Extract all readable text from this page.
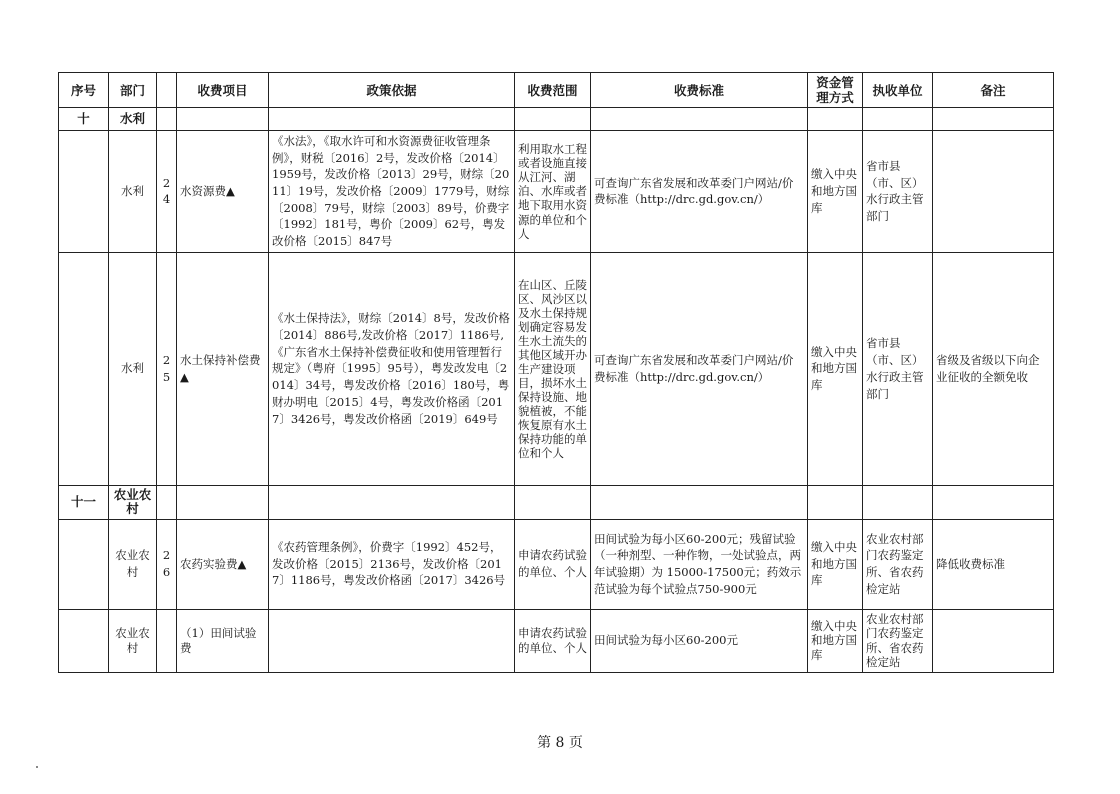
序号	部门		收费项目	政策依据	收费范围	收费标准	资金管理方式	执收单位	备注
十	水利								
	水利	24	水资源费▲	《水法》，《取水许可和水资源费征收管理条例》，财税〔2016〕2号，发改价格〔2014〕1959号，发改价格〔2013〕29号，财综〔2011〕19号，发改价格〔2009〕1779号，财综〔2008〕79号，财综〔2003〕89号，价费字〔1992〕181号，粤价〔2009〕62号，粤发改价格〔2015〕847号	利用取水工程或者设施直接从江河、湖泊、水库或者地下取用水资源的单位和个人	可查询广东省发展和改革委门户网站/价费标准（http://drc.gd.gov.cn/）	缴入中央和地方国库	省市县（市、区）水行政主管部门	
	水利	25	水土保持补偿费▲	《水土保持法》，财综〔2014〕8号，发改价格〔2014〕886号,发改价格〔2017〕1186号,《广东省水土保持补偿费征收和使用管理暂行规定》（粤府〔1995〕95号），粤发改发电〔2014〕34号，粤发改价格〔2016〕180号，粤财办明电〔2015〕4号，粤发改价格函〔2017〕3426号，粤发改价格函〔2019〕649号	在山区、丘陵区、风沙区以及水土保持规划确定容易发生水土流失的其他区域开办生产建设项目，损坏水土保持设施、地貌植被，不能恢复原有水土保持功能的单位和个人	可查询广东省发展和改革委门户网站/价费标准（http://drc.gd.gov.cn/）	缴入中央和地方国库	省市县（市、区）水行政主管部门	省级及省级以下向企业征收的全额免收
十一	农业农村								
	农业农村	26	农药实验费▲	《农药管理条例》，价费字〔1992〕452号，发改价格〔2015〕2136号，发改价格〔2017〕1186号，粤发改价格函〔2017〕3426号	申请农药试验的单位、个人	田间试验为每小区60-200元；残留试验（一种剂型、一种作物，一处试验点，两年试验期）为 15000-17500元；药效示范试验为每个试验点750-900元	缴入中央和地方国库	农业农村部门农药鉴定所、省农药检定站	降低收费标准
	农业农村		（1）田间试验费		申请农药试验的单位、个人	田间试验为每小区60-200元	缴入中央和地方国库	农业农村部门农药鉴定所、省农药检定站	
第 8 页
